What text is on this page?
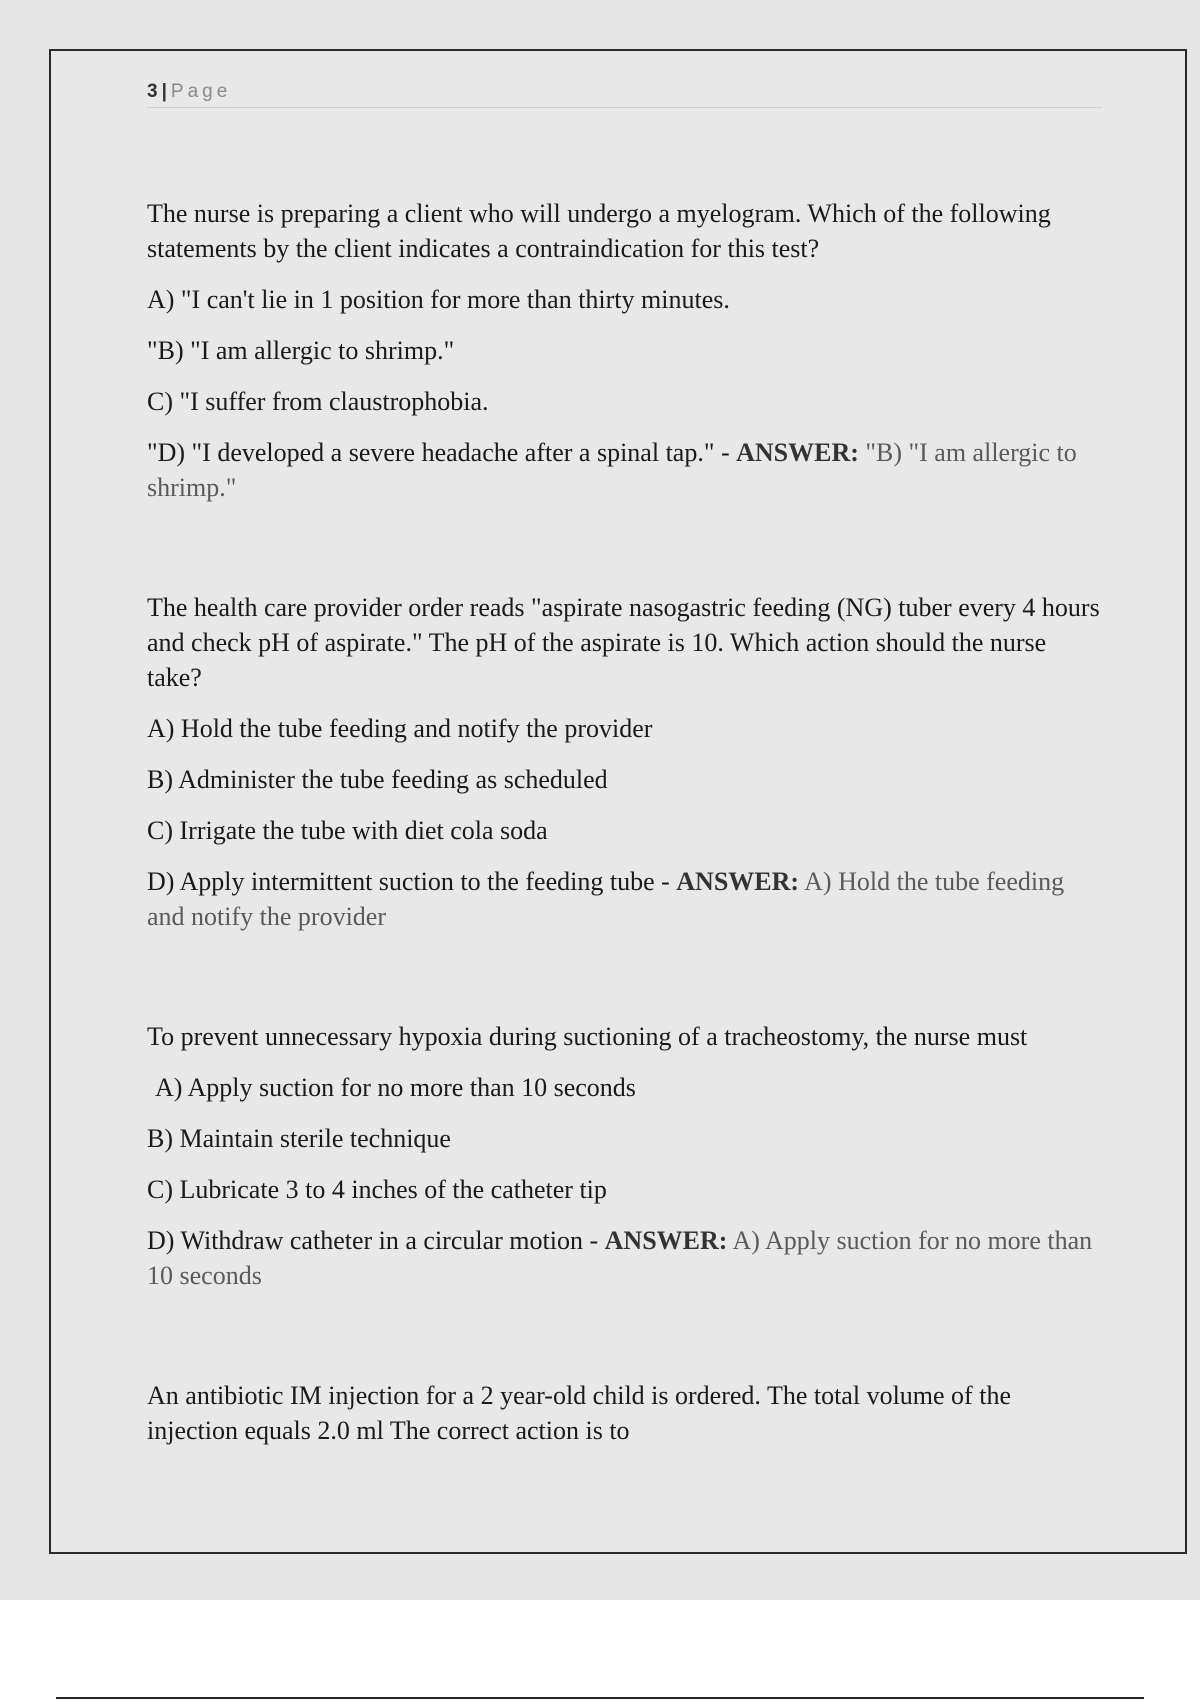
3 | Page

The nurse is preparing a client who will undergo a myelogram. Which of the following statements by the client indicates a contraindication for this test?

A) "I can't lie in 1 position for more than thirty minutes.

"B) "I am allergic to shrimp."

C) "I suffer from claustrophobia.

"D) "I developed a severe headache after a spinal tap." - ANSWER: "B) "I am allergic to shrimp."

The health care provider order reads "aspirate nasogastric feeding (NG) tuber every 4 hours and check pH of aspirate." The pH of the aspirate is 10. Which action should the nurse take?

A) Hold the tube feeding and notify the provider

B) Administer the tube feeding as scheduled

C) Irrigate the tube with diet cola soda

D) Apply intermittent suction to the feeding tube - ANSWER: A) Hold the tube feeding and notify the provider

To prevent unnecessary hypoxia during suctioning of a tracheostomy, the nurse must

A) Apply suction for no more than 10 seconds

B) Maintain sterile technique

C) Lubricate 3 to 4 inches of the catheter tip

D) Withdraw catheter in a circular motion - ANSWER: A) Apply suction for no more than 10 seconds

An antibiotic IM injection for a 2 year-old child is ordered. The total volume of the injection equals 2.0 ml The correct action is to
